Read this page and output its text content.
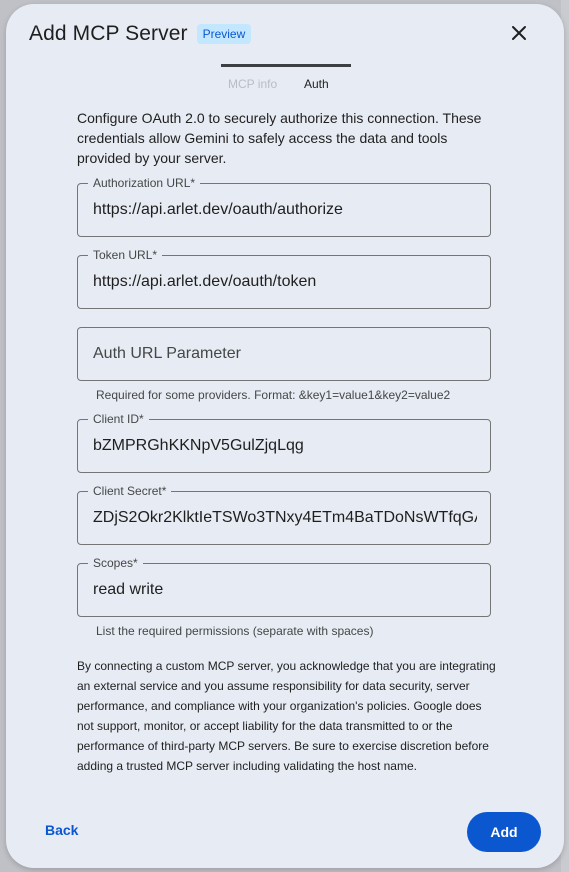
Add MCP Server	Preview
MCP info Auth
Configure OAuth 2.0 to securely authorize this connection. These credentials allow Gemini to safely access the data and tools provided by your server.
Authorization URL*
https://api.arlet.dev/oauth/authorize
Token URL*
https://api.arlet.dev/oauth/token
Auth URL Parameter
Required for some providers. Format: &key1=value1&key2=value2
Client ID*
bZMPRGhKKNpV5GulZjqLqg
Client Secret*
ZDjS2Okr2KlktIeTSWo3TNxy4ETm4BaTDoNsWTfqGAg
Scopes*
read write
List the required permissions (separate with spaces)
By connecting a custom MCP server, you acknowledge that you are integrating an external service and you assume responsibility for data security, server performance, and compliance with your organization's policies. Google does not support, monitor, or accept liability for the data transmitted to or the performance of third-party MCP servers. Be sure to exercise discretion before adding a trusted MCP server including validating the host name.
Back	Add
